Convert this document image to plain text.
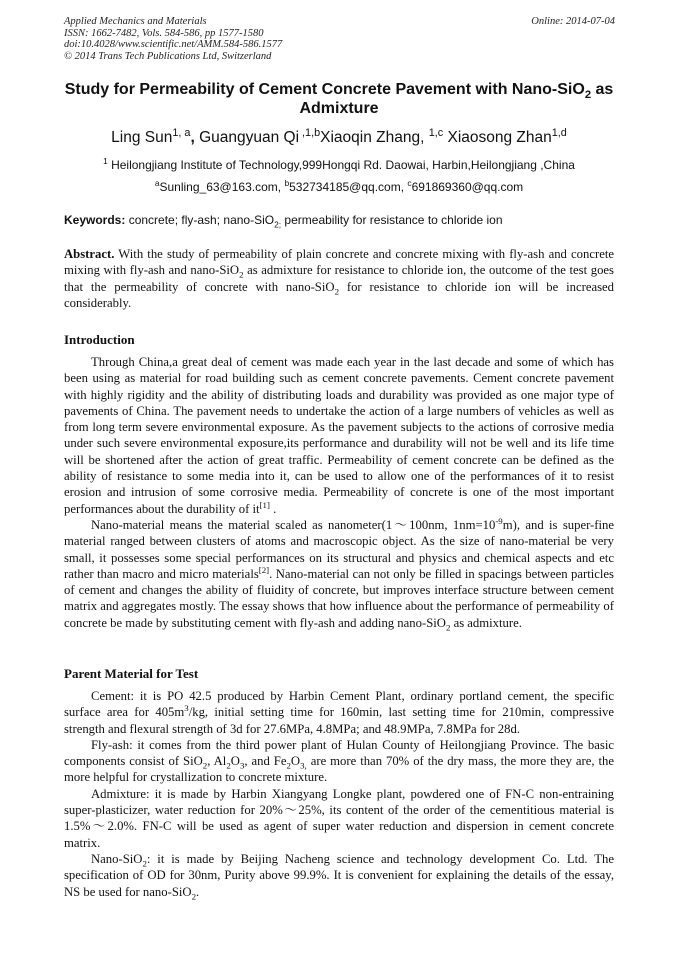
Applied Mechanics and Materials
ISSN: 1662-7482, Vols. 584-586, pp 1577-1580
doi:10.4028/www.scientific.net/AMM.584-586.1577
© 2014 Trans Tech Publications Ltd, Switzerland
Online: 2014-07-04
Study for Permeability of Cement Concrete Pavement with Nano-SiO$_2$ as
Admixture
Ling Sun$^{1, a}$, Guangyuan Qi $^{,1,b}$Xiaoqin Zhang, $^{1,c}$ Xiaosong Zhan$^{1,d}$
$^1$ Heilongjiang Institute of Technology,999Hongqi Rd. Daowai, Harbin,Heilongjiang ,China
$^a$Sunling_63@163.com, $^b$532734185@qq.com, $^c$691869360@qq.com
Keywords: concrete; fly-ash; nano-SiO$_{2;}$ permeability for resistance to chloride ion

Abstract. With the study of permeability of plain concrete and concrete mixing with fly-ash and concrete mixing with fly-ash and nano-SiO$_2$ as admixture for resistance to chloride ion, the outcome of the test goes that the permeability of concrete with nano-SiO$_2$ for resistance to chloride ion will be increased considerably.

Introduction

Through China,a great deal of cement was made each year in the last decade and some of which has been using as material for road building such as cement concrete pavements. Cement concrete pavement with highly rigidity and the ability of distributing loads and durability was provided as one major type of pavements of China. The pavement needs to undertake the action of a large numbers of vehicles as well as from long term severe environmental exposure. As the pavement subjects to the actions of corrosive media under such severe environmental exposure,its performance and durability will not be well and its life time will be shortened after the action of great traffic. Permeability of cement concrete can be defined as the ability of resistance to some media into it, can be used to allow one of the performances of it to resist erosion and intrusion of some corrosive media. Permeability of concrete is one of the most important performances about the durability of it[1] .

Nano-material means the material scaled as nanometer(1～100nm, $1nm=10^{-9}m$), and is super-fine material ranged between clusters of atoms and macroscopic object. As the size of nano-material be very small, it possesses some special performances on its structural and physics and chemical aspects and etc rather than macro and micro materials[2]. Nano-material can not only be filled in spacings between particles of cement and changes the ability of fluidity of concrete, but improves interface structure between cement matrix and aggregates mostly. The essay shows that how influence about the performance of permeability of concrete be made by substituting cement with fly-ash and adding nano-SiO$_2$ as admixture.

Parent Material for Test

Cement: it is PO 42.5 produced by Harbin Cement Plant, ordinary portland cement, the specific surface area for $405m^3/kg$, initial setting time for 160min, last setting time for 210min, compressive strength and flexural strength of 3d for 27.6MPa, 4.8MPa; and 48.9MPa, 7.8MPa for 28d.

Fly-ash: it comes from the third power plant of Hulan County of Heilongjiang Province. The basic components consist of SiO$_2$, $Al_2O_3$, and $Fe_2O_{3,}$ are more than 70% of the dry mass, the more they are, the more helpful for crystallization to concrete mixture.

Admixture: it is made by Harbin Xiangyang Longke plant, powdered one of FN-C non-entraining super-plasticizer, water reduction for 20%～25%, its content of the order of the cementitious material is 1.5%～2.0%. FN-C will be used as agent of super water reduction and dispersion in cement concrete matrix.

Nano-SiO$_2$: it is made by Beijing Nacheng science and technology development Co. Ltd. The specification of OD for 30nm, Purity above 99.9%. It is convenient for explaining the details of the essay, NS be used for nano-SiO$_2$.
